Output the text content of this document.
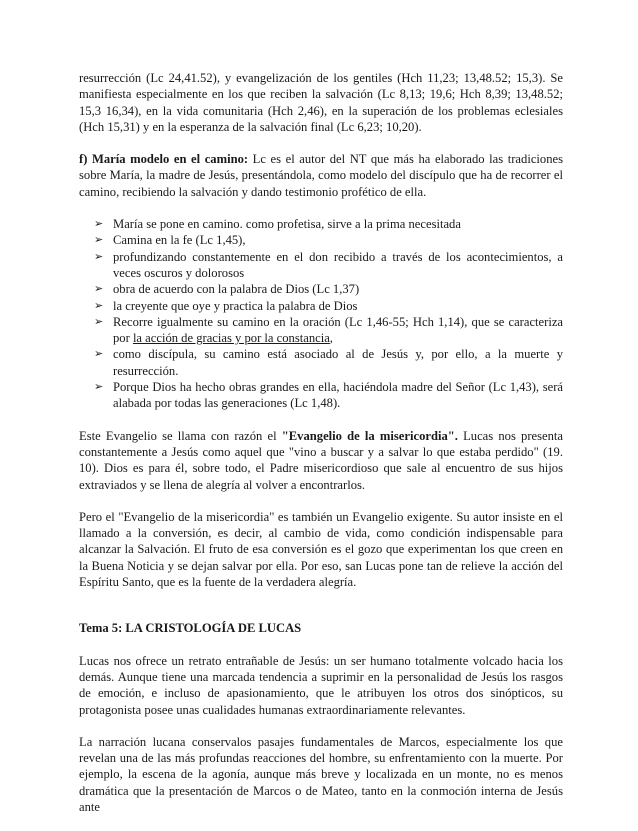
resurrección (Lc 24,41.52), y evangelización de los gentiles (Hch 11,23; 13,48.52; 15,3). Se manifiesta especialmente en los que reciben la salvación (Lc 8,13; 19,6; Hch 8,39; 13,48.52; 15,3 16,34), en la vida comunitaria (Hch 2,46), en la superación de los problemas eclesiales (Hch 15,31) y en la esperanza de la salvación final (Lc 6,23; 10,20).

f) María modelo en el camino: Lc es el autor del NT que más ha elaborado las tradiciones sobre María, la madre de Jesús, presentándola, como modelo del discípulo que ha de recorrer el camino, recibiendo la salvación y dando testimonio profético de ella.

➢ María se pone en camino. como profetisa, sirve a la prima necesitada
➢ Camina en la fe (Lc 1,45),
➢ profundizando constantemente en el don recibido a través de los acontecimientos, a veces oscuros y dolorosos
➢ obra de acuerdo con la palabra de Dios (Lc 1,37)
➢ la creyente que oye y practica la palabra de Dios
➢ Recorre igualmente su camino en la oración (Lc 1,46-55; Hch 1,14), que se caracteriza por la acción de gracias y por la constancia,
➢ como discípula, su camino está asociado al de Jesús y, por ello, a la muerte y resurrección.
➢ Porque Dios ha hecho obras grandes en ella, haciéndola madre del Señor (Lc 1,43), será alabada por todas las generaciones (Lc 1,48).

Este Evangelio se llama con razón el "Evangelio de la misericordia". Lucas nos presenta constantemente a Jesús como aquel que "vino a buscar y a salvar lo que estaba perdido" (19. 10). Dios es para él, sobre todo, el Padre misericordioso que sale al encuentro de sus hijos extraviados y se llena de alegría al volver a encontrarlos.

Pero el "Evangelio de la misericordia" es también un Evangelio exigente. Su autor insiste en el llamado a la conversión, es decir, al cambio de vida, como condición indispensable para alcanzar la Salvación. El fruto de esa conversión es el gozo que experimentan los que creen en la Buena Noticia y se dejan salvar por ella. Por eso, san Lucas pone tan de relieve la acción del Espíritu Santo, que es la fuente de la verdadera alegría.

Tema 5: LA CRISTOLOGÍA DE LUCAS

Lucas nos ofrece un retrato entrañable de Jesús: un ser humano totalmente volcado hacia los demás. Aunque tiene una marcada tendencia a suprimir en la personalidad de Jesús los rasgos de emoción, e incluso de apasionamiento, que le atribuyen los otros dos sinópticos, su protagonista posee unas cualidades humanas extraordinariamente relevantes.

La narración lucana conservalos pasajes fundamentales de Marcos, especialmente los que revelan una de las más profundas reacciones del hombre, su enfrentamiento con la muerte. Por ejemplo, la escena de la agonía, aunque más breve y localizada en un monte, no es menos dramática que la presentación de Marcos o de Mateo, tanto en la conmoción interna de Jesús ante
